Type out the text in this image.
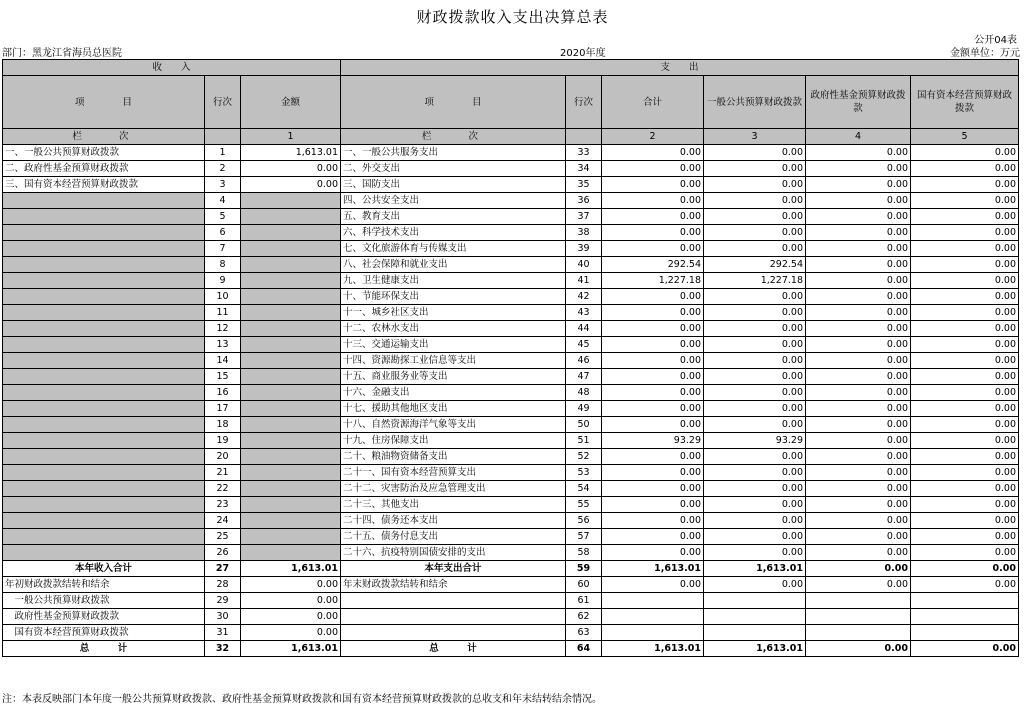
财政拨款收入支出决算总表
公开04表
部门：黑龙江省海员总医院	2020年度	金额单位：万元
收　　入			支　　出					
项　　　　目	行次	金额	项　　　　目	行次	合计	一般公共预算财政拨款	政府性基金预算财政拨款	国有资本经营预算财政拨款
栏　　次		1	栏　　次		2	3	4	5
一、一般公共预算财政拨款	1	1,613.01	一、一般公共服务支出	33	0.00	0.00	0.00	0.00
二、政府性基金预算财政拨款	2	0.00	二、外交支出	34	0.00	0.00	0.00	0.00
三、国有资本经营预算财政拨款	3	0.00	三、国防支出	35	0.00	0.00	0.00	0.00
	4		四、公共安全支出	36	0.00	0.00	0.00	0.00
	5		五、教育支出	37	0.00	0.00	0.00	0.00
	6		六、科学技术支出	38	0.00	0.00	0.00	0.00
	7		七、文化旅游体育与传媒支出	39	0.00	0.00	0.00	0.00
	8		八、社会保障和就业支出	40	292.54	292.54	0.00	0.00
	9		九、卫生健康支出	41	1,227.18	1,227.18	0.00	0.00
	10		十、节能环保支出	42	0.00	0.00	0.00	0.00
	11		十一、城乡社区支出	43	0.00	0.00	0.00	0.00
	12		十二、农林水支出	44	0.00	0.00	0.00	0.00
	13		十三、交通运输支出	45	0.00	0.00	0.00	0.00
	14		十四、资源勘探工业信息等支出	46	0.00	0.00	0.00	0.00
	15		十五、商业服务业等支出	47	0.00	0.00	0.00	0.00
	16		十六、金融支出	48	0.00	0.00	0.00	0.00
	17		十七、援助其他地区支出	49	0.00	0.00	0.00	0.00
	18		十八、自然资源海洋气象等支出	50	0.00	0.00	0.00	0.00
	19		十九、住房保障支出	51	93.29	93.29	0.00	0.00
	20		二十、粮油物资储备支出	52	0.00	0.00	0.00	0.00
	21		二十一、国有资本经营预算支出	53	0.00	0.00	0.00	0.00
	22		二十二、灾害防治及应急管理支出	54	0.00	0.00	0.00	0.00
	23		二十三、其他支出	55	0.00	0.00	0.00	0.00
	24		二十四、债务还本支出	56	0.00	0.00	0.00	0.00
	25		二十五、债务付息支出	57	0.00	0.00	0.00	0.00
	26		二十六、抗疫特别国债安排的支出	58	0.00	0.00	0.00	0.00
本年收入合计	27	1,613.01	本年支出合计	59	1,613.01	1,613.01	0.00	0.00
年初财政拨款结转和结余	28	0.00	年末财政拨款结转和结余	60	0.00	0.00	0.00	0.00
　一般公共预算财政拨款	29	0.00		61				
　政府性基金预算财政拨款	30	0.00		62				
　国有资本经营预算财政拨款	31	0.00		63				
总　　　计	32	1,613.01	总　　　计	64	1,613.01	1,613.01	0.00	0.00
注：本表反映部门本年度一般公共预算财政拨款、政府性基金预算财政拨款和国有资本经营预算财政拨款的总收支和年末结转结余情况。
